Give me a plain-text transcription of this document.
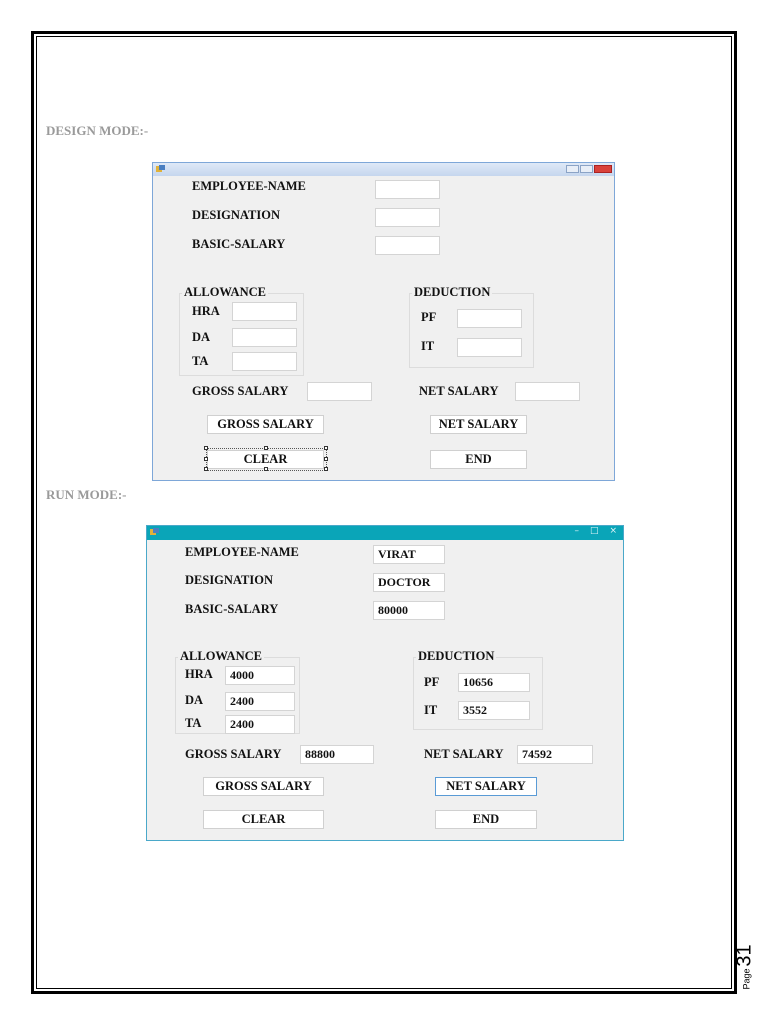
DESIGN MODE:-
EMPLOYEE-NAME
DESIGNATION
BASIC-SALARY
ALLOWANCE
HRA
DA
TA
DEDUCTION
PF
IT
GROSS SALARY	NET SALARY
GROSS SALARY	NET SALARY
CLEAR	END
RUN MODE:-
– □ ×
EMPLOYEE-NAME	VIRAT
DESIGNATION	DOCTOR
BASIC-SALARY	80000
ALLOWANCE
HRA	4000
DA	2400
TA	2400
DEDUCTION
PF	10656
IT	3552
GROSS SALARY	88800	NET SALARY	74592
GROSS SALARY	NET SALARY
CLEAR	END
Page
31
